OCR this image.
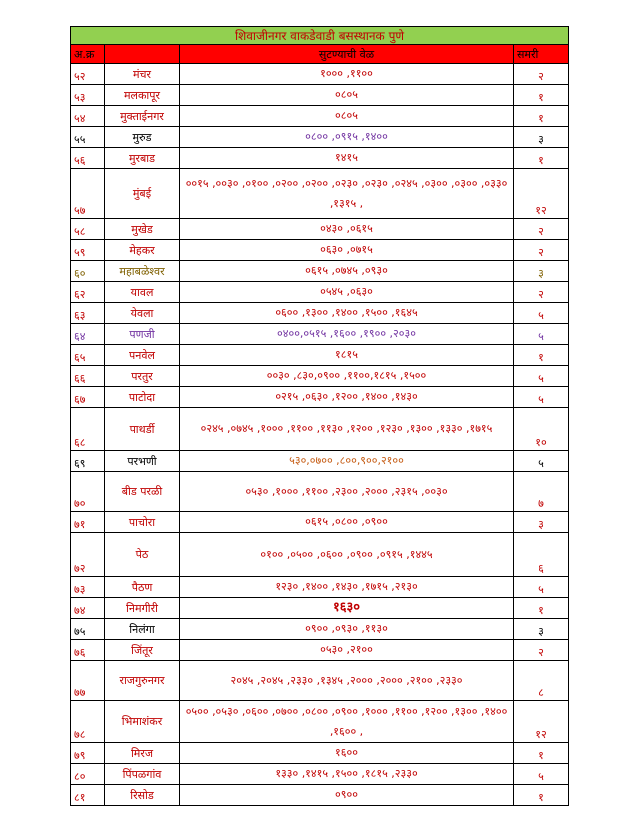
शिवाजीनगर वाकडेवाडी बसस्थानक पुणे			
अ.क्र		सुटण्याची वेळ	समरी
५२	मंचर	१००० ,११००	२
५३	मलकापूर	०८०५	१
५४	मुक्ताईनगर	०८०५	१
५५	मुरुड	०८०० ,०९१५ ,१४००	३
५६	मुरबाड	१४१५	१
५७	मुंबई	००१५ ,००३० ,०१०० ,०२०० ,०२०० ,०२३० ,०२३० ,०२४५ ,०३०० ,०३०० ,०३३० ,१३१५ ,	१२
५८	मुखेड	०४३० ,०६१५	२
५९	मेहकर	०६३० ,०७१५	२
६०	महाबळेश्वर	०६१५ ,०७४५ ,०९३०	३
६२	यावल	०५४५ ,०६३०	२
६३	येवला	०६०० ,१३०० ,१४०० ,१५०० ,१६४५	५
६४	पणजी	०४००,०५१५ ,१६०० ,१९०० ,२०३०	५
६५	पनवेल	१८१५	१
६६	परतुर	००३० ,८३०,०९०० ,११००,१८१५ ,१५००	५
६७	पाटोदा	०२१५ ,०६३० ,१२०० ,१४०० ,१४३०	५
६८	पाथर्डी	०२४५ ,०७४५ ,१००० ,११०० ,११३० ,१२०० ,१२३० ,१३०० ,१३३० ,१७१५	१०
६९	परभणी	५३०,०७०० ,८००,९००,२१००	५
७०	बीड परळी	०५३० ,१००० ,११०० ,२३०० ,२००० ,२३१५ ,००३०	७
७१	पाचोरा	०६१५ ,०८०० ,०९००	३
७२	पेठ	०१०० ,०५०० ,०६०० ,०९०० ,०९१५ ,१४४५	६
७३	पैठण	१२३० ,१४०० ,१४३० ,१७१५ ,२१३०	५
७४	निमगीरी	१६३०	१
७५	निलंगा	०९०० ,०९३० ,११३०	३
७६	जिंतूर	०५३० ,२१००	२
७७	राजगुरुनगर	२०४५ ,२०४५ ,२३३० ,१३४५ ,२००० ,२००० ,२१०० ,२३३०	८
७८	भिमाशंकर	०५०० ,०५३० ,०६०० ,०७०० ,०८०० ,०९०० ,१००० ,११०० ,१२०० ,१३०० ,१४०० ,१६०० ,	१२
७९	मिरज	१६००	१
८०	पिंपळगांव	१३३० ,१४१५ ,१५०० ,१८१५ ,२३३०	५
८१	रिसोड	०९००	१
